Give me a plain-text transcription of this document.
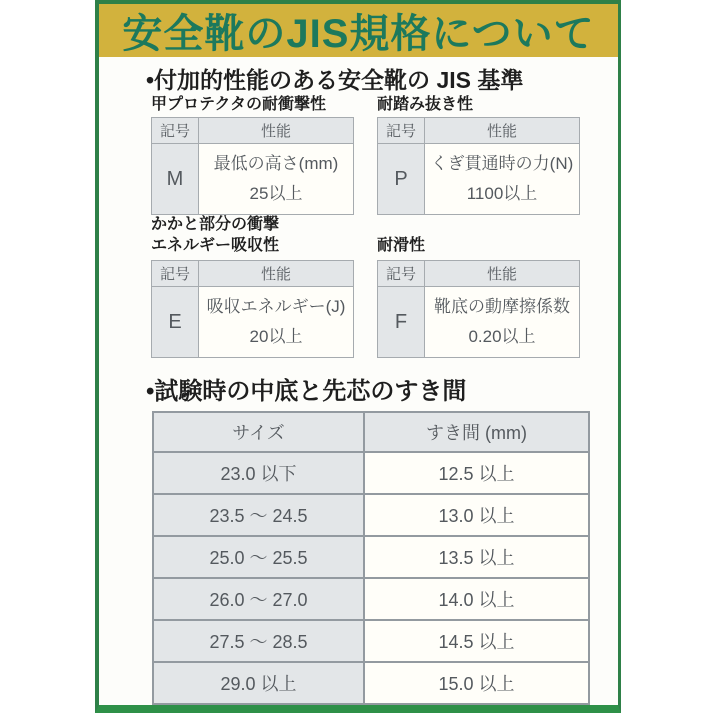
安全靴のJIS規格について
•付加的性能のある安全靴の JIS 基準
甲プロテクタの耐衝撃性	耐踏み抜き性
かかと部分の衝撃
エネルギー吸収性	耐滑性
記号	性能
M	最低の高さ(mm)
25以上
記号	性能
P	くぎ貫通時の力(N)
1100以上
記号	性能
E	吸収エネルギー(J)
20以上
記号	性能
F	靴底の動摩擦係数
0.20以上
•試験時の中底と先芯のすき間
サイズ	すき間 (mm)
23.0 以下	12.5 以上
23.5 ～ 24.5	13.0 以上
25.0 ～ 25.5	13.5 以上
26.0 ～ 27.0	14.0 以上
27.5 ～ 28.5	14.5 以上
29.0 以上	15.0 以上
